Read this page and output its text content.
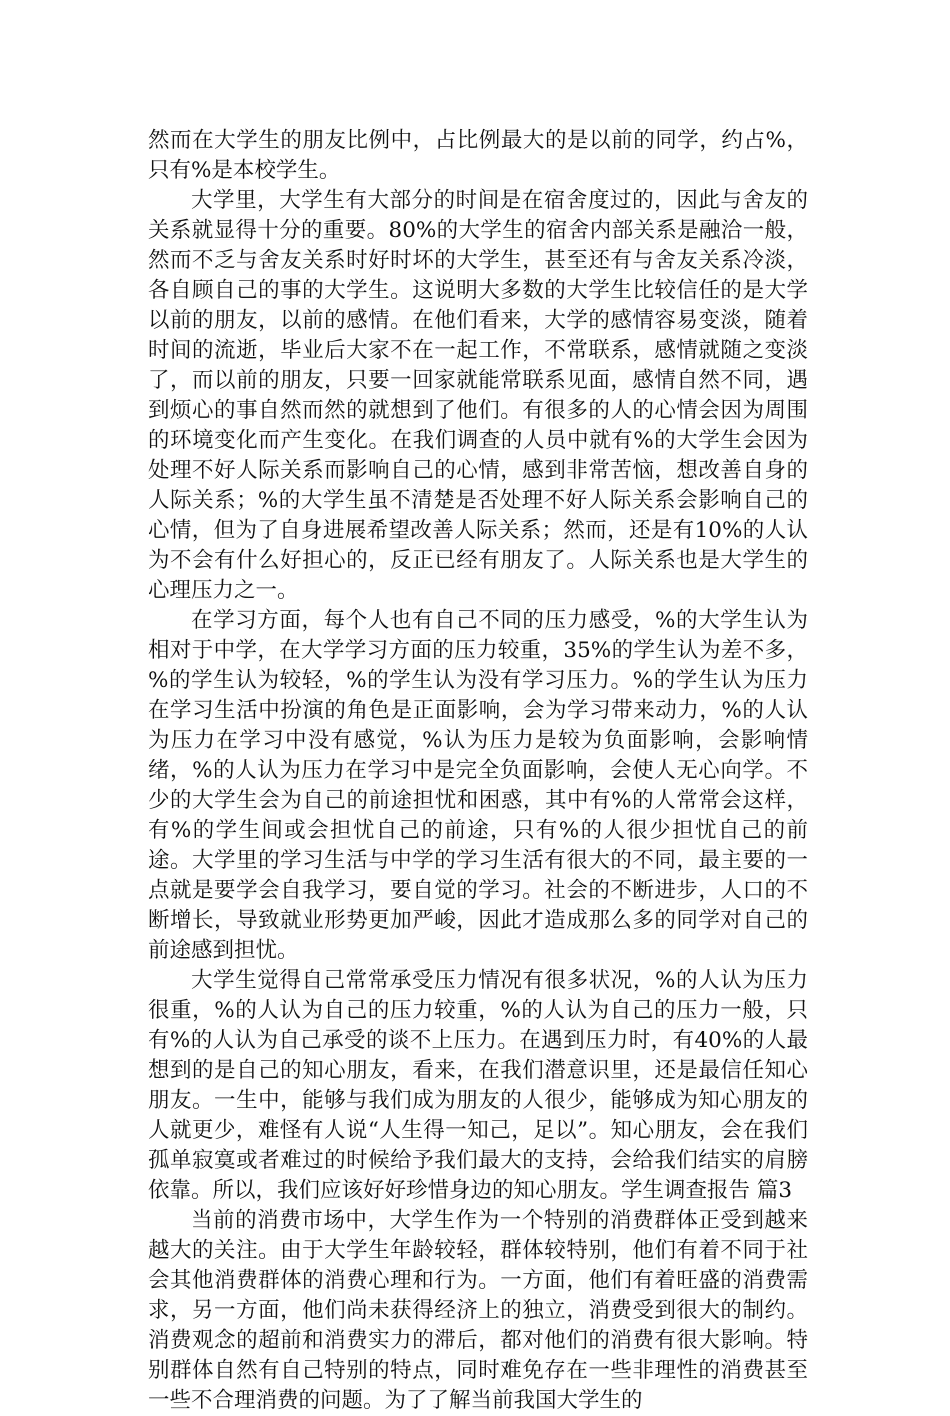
然而在大学生的朋友比例中，占比例最大的是以前的同学，约占%，只有%是本校学生。

大学里，大学生有大部分的时间是在宿舍度过的，因此与舍友的关系就显得十分的重要。80%的大学生的宿舍内部关系是融洽一般，然而不乏与舍友关系时好时坏的大学生，甚至还有与舍友关系冷淡，各自顾自己的事的大学生。这说明大多数的大学生比较信任的是大学以前的朋友，以前的感情。在他们看来，大学的感情容易变淡，随着时间的流逝，毕业后大家不在一起工作，不常联系，感情就随之变淡了，而以前的朋友，只要一回家就能常联系见面，感情自然不同，遇到烦心的事自然而然的就想到了他们。有很多的人的心情会因为周围的环境变化而产生变化。在我们调查的人员中就有%的大学生会因为处理不好人际关系而影响自己的心情，感到非常苦恼，想改善自身的人际关系；%的大学生虽不清楚是否处理不好人际关系会影响自己的心情，但为了自身进展希望改善人际关系；然而，还是有10%的人认为不会有什么好担心的，反正已经有朋友了。人际关系也是大学生的心理压力之一。

在学习方面，每个人也有自己不同的压力感受，%的大学生认为相对于中学，在大学学习方面的压力较重，35%的学生认为差不多，%的学生认为较轻，%的学生认为没有学习压力。%的学生认为压力在学习生活中扮演的角色是正面影响，会为学习带来动力，%的人认为压力在学习中没有感觉，%认为压力是较为负面影响，会影响情绪，%的人认为压力在学习中是完全负面影响，会使人无心向学。不少的大学生会为自己的前途担忧和困惑，其中有%的人常常会这样，有%的学生间或会担忧自己的前途，只有%的人很少担忧自己的前途。大学里的学习生活与中学的学习生活有很大的不同，最主要的一点就是要学会自我学习，要自觉的学习。社会的不断进步，人口的不断增长，导致就业形势更加严峻，因此才造成那么多的同学对自己的前途感到担忧。

大学生觉得自己常常承受压力情况有很多状况，%的人认为压力很重，%的人认为自己的压力较重，%的人认为自己的压力一般，只有%的人认为自己承受的谈不上压力。在遇到压力时，有40%的人最想到的是自己的知心朋友，看来，在我们潜意识里，还是最信任知心朋友。一生中，能够与我们成为朋友的人很少，能够成为知心朋友的人就更少，难怪有人说“人生得一知己，足以”。知心朋友，会在我们孤单寂寞或者难过的时候给予我们最大的支持，会给我们结实的肩膀依靠。所以，我们应该好好珍惜身边的知心朋友。学生调查报告 篇3

当前的消费市场中，大学生作为一个特别的消费群体正受到越来越大的关注。由于大学生年龄较轻，群体较特别，他们有着不同于社会其他消费群体的消费心理和行为。一方面，他们有着旺盛的消费需求，另一方面，他们尚未获得经济上的独立，消费受到很大的制约。消费观念的超前和消费实力的滞后，都对他们的消费有很大影响。特别群体自然有自己特别的特点，同时难免存在一些非理性的消费甚至一些不合理消费的问题。为了了解当前我国大学生的
